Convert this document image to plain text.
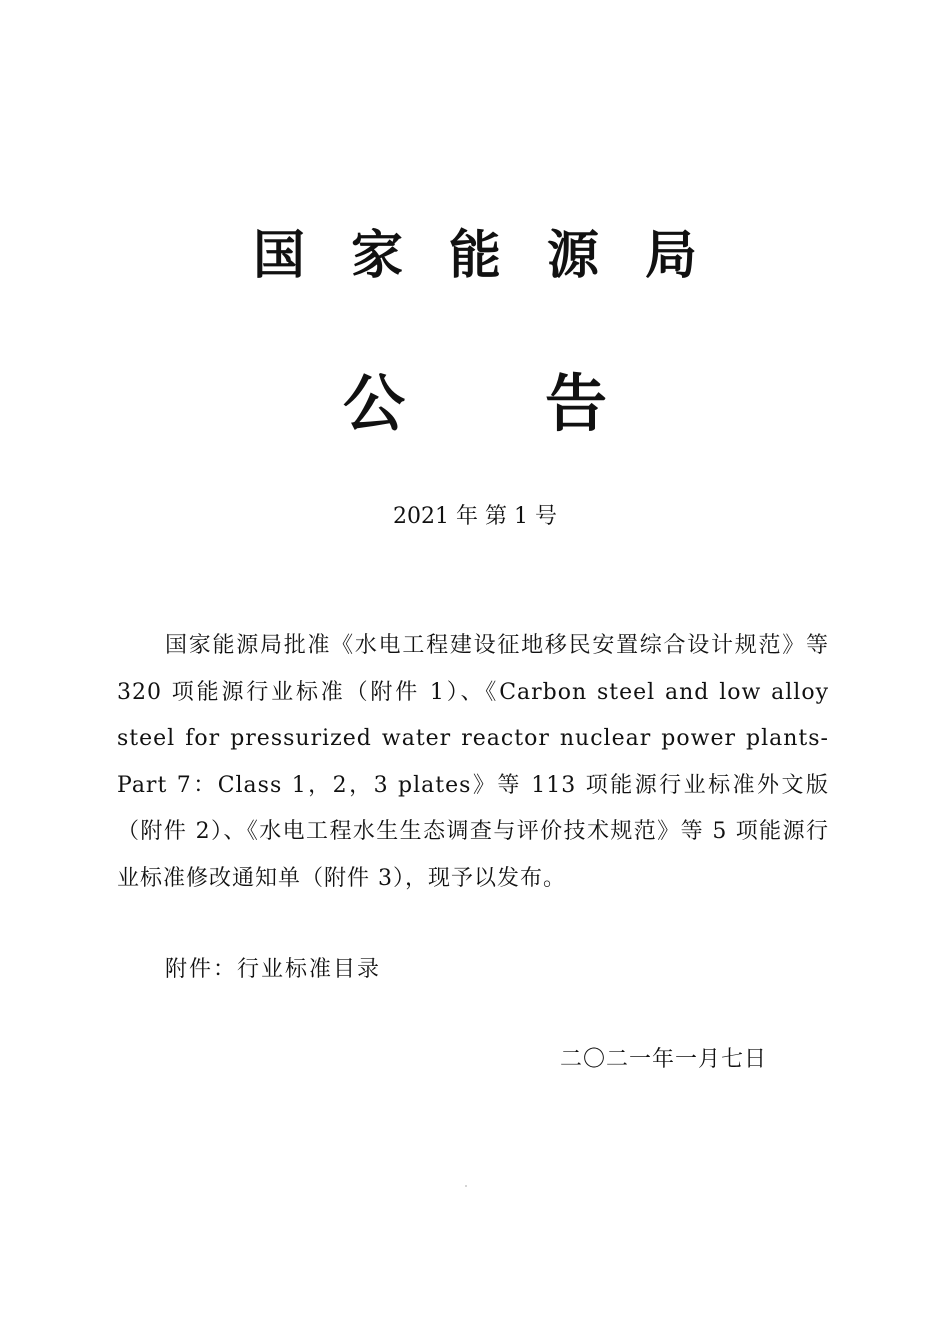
国家能源局
公告
2021 年 第 1 号
国家能源局批准《水电工程建设征地移民安置综合设计规范》等 320 项能源行业标准（附件 1）、《Carbon steel and low alloy steel for pressurized water reactor nuclear power plants-Part 7：Class 1，2，3 plates》等 113 项能源行业标准外文版（附件 2）、《水电工程水生生态调查与评价技术规范》等 5 项能源行业标准修改通知单（附件 3），现予以发布。
附件：行业标准目录
二〇二一年一月七日
